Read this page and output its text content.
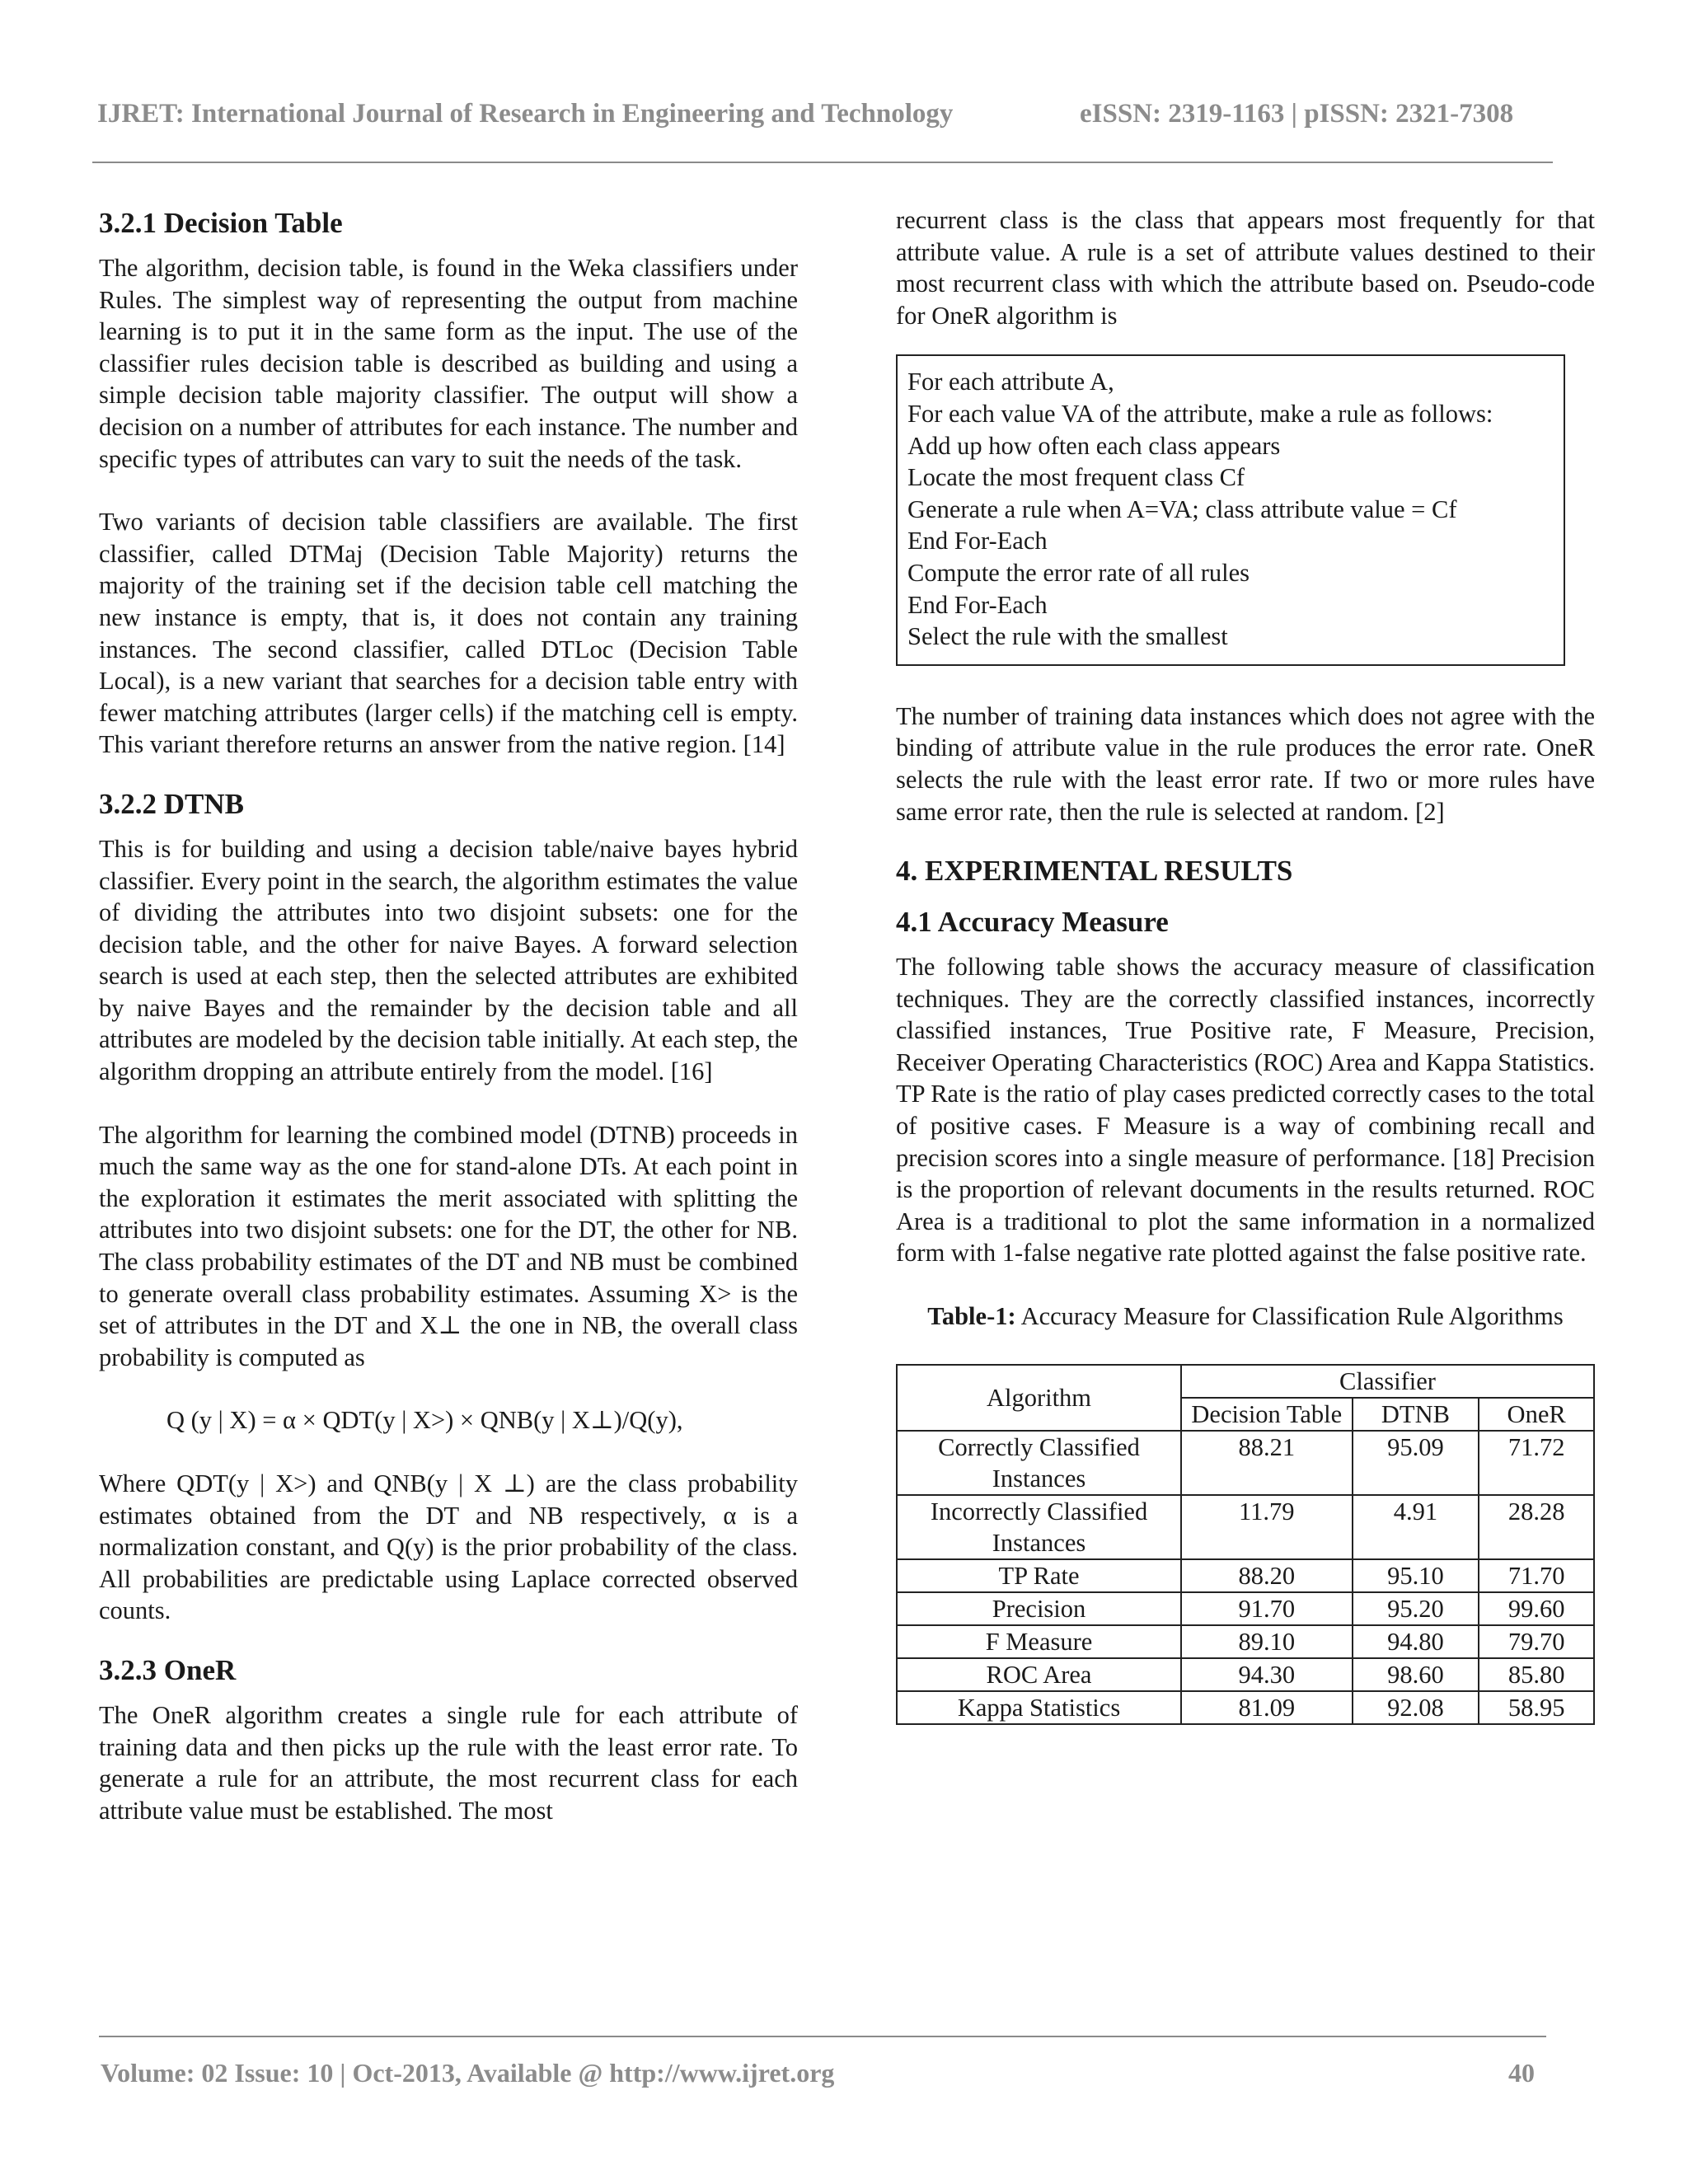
IJRET: International Journal of Research in Engineering and Technology	eISSN: 2319-1163 | pISSN: 2321-7308
3.2.1 Decision Table

The algorithm, decision table, is found in the Weka classifiers under Rules. The simplest way of representing the output from machine learning is to put it in the same form as the input. The use of the classifier rules decision table is described as building and using a simple decision table majority classifier. The output will show a decision on a number of attributes for each instance. The number and specific types of attributes can vary to suit the needs of the task.

Two variants of decision table classifiers are available. The first classifier, called DTMaj (Decision Table Majority) returns the majority of the training set if the decision table cell matching the new instance is empty, that is, it does not contain any training instances. The second classifier, called DTLoc (Decision Table Local), is a new variant that searches for a decision table entry with fewer matching attributes (larger cells) if the matching cell is empty. This variant therefore returns an answer from the native region. [14]

3.2.2 DTNB

This is for building and using a decision table/naive bayes hybrid classifier. Every point in the search, the algorithm estimates the value of dividing the attributes into two disjoint subsets: one for the decision table, and the other for naive Bayes. A forward selection search is used at each step, then the selected attributes are exhibited by naive Bayes and the remainder by the decision table and all attributes are modeled by the decision table initially. At each step, the algorithm dropping an attribute entirely from the model. [16]

The algorithm for learning the combined model (DTNB) proceeds in much the same way as the one for stand-alone DTs. At each point in the exploration it estimates the merit associated with splitting the attributes into two disjoint subsets: one for the DT, the other for NB. The class probability estimates of the DT and NB must be combined to generate overall class probability estimates. Assuming X> is the set of attributes in the DT and X⊥ the one in NB, the overall class probability is computed as

Q (y | X) = α × QDT(y | X>) × QNB(y | X⊥)/Q(y),

Where QDT(y | X>) and QNB(y | X ⊥) are the class probability estimates obtained from the DT and NB respectively, α is a normalization constant, and Q(y) is the prior probability of the class. All probabilities are predictable using Laplace corrected observed counts.

3.2.3 OneR

The OneR algorithm creates a single rule for each attribute of training data and then picks up the rule with the least error rate. To generate a rule for an attribute, the most recurrent class for each attribute value must be established. The most

recurrent class is the class that appears most frequently for that attribute value. A rule is a set of attribute values destined to their most recurrent class with which the attribute based on. Pseudo-code for OneR algorithm is

For each attribute A,
For each value VA of the attribute, make a rule as follows:
Add up how often each class appears
Locate the most frequent class Cf
Generate a rule when A=VA; class attribute value = Cf
End For-Each
Compute the error rate of all rules
End For-Each
Select the rule with the smallest

The number of training data instances which does not agree with the binding of attribute value in the rule produces the error rate. OneR selects the rule with the least error rate. If two or more rules have same error rate, then the rule is selected at random. [2]

4. EXPERIMENTAL RESULTS
4.1 Accuracy Measure

The following table shows the accuracy measure of classification techniques. They are the correctly classified instances, incorrectly classified instances, True Positive rate, F Measure, Precision, Receiver Operating Characteristics (ROC) Area and Kappa Statistics. TP Rate is the ratio of play cases predicted correctly cases to the total of positive cases. F Measure is a way of combining recall and precision scores into a single measure of performance. [18] Precision is the proportion of relevant documents in the results returned. ROC Area is a traditional to plot the same information in a normalized form with 1-false negative rate plotted against the false positive rate.

Table-1: Accuracy Measure for Classification Rule Algorithms

Algorithm	Classifier		
	Decision Table	DTNB	OneR
Correctly Classified Instances	88.21	95.09	71.72
Incorrectly Classified Instances	11.79	4.91	28.28
TP Rate	88.20	95.10	71.70
Precision	91.70	95.20	99.60
F Measure	89.10	94.80	79.70
ROC Area	94.30	98.60	85.80
Kappa Statistics	81.09	92.08	58.95
Volume: 02 Issue: 10 | Oct-2013, Available @ http://www.ijret.org	40
